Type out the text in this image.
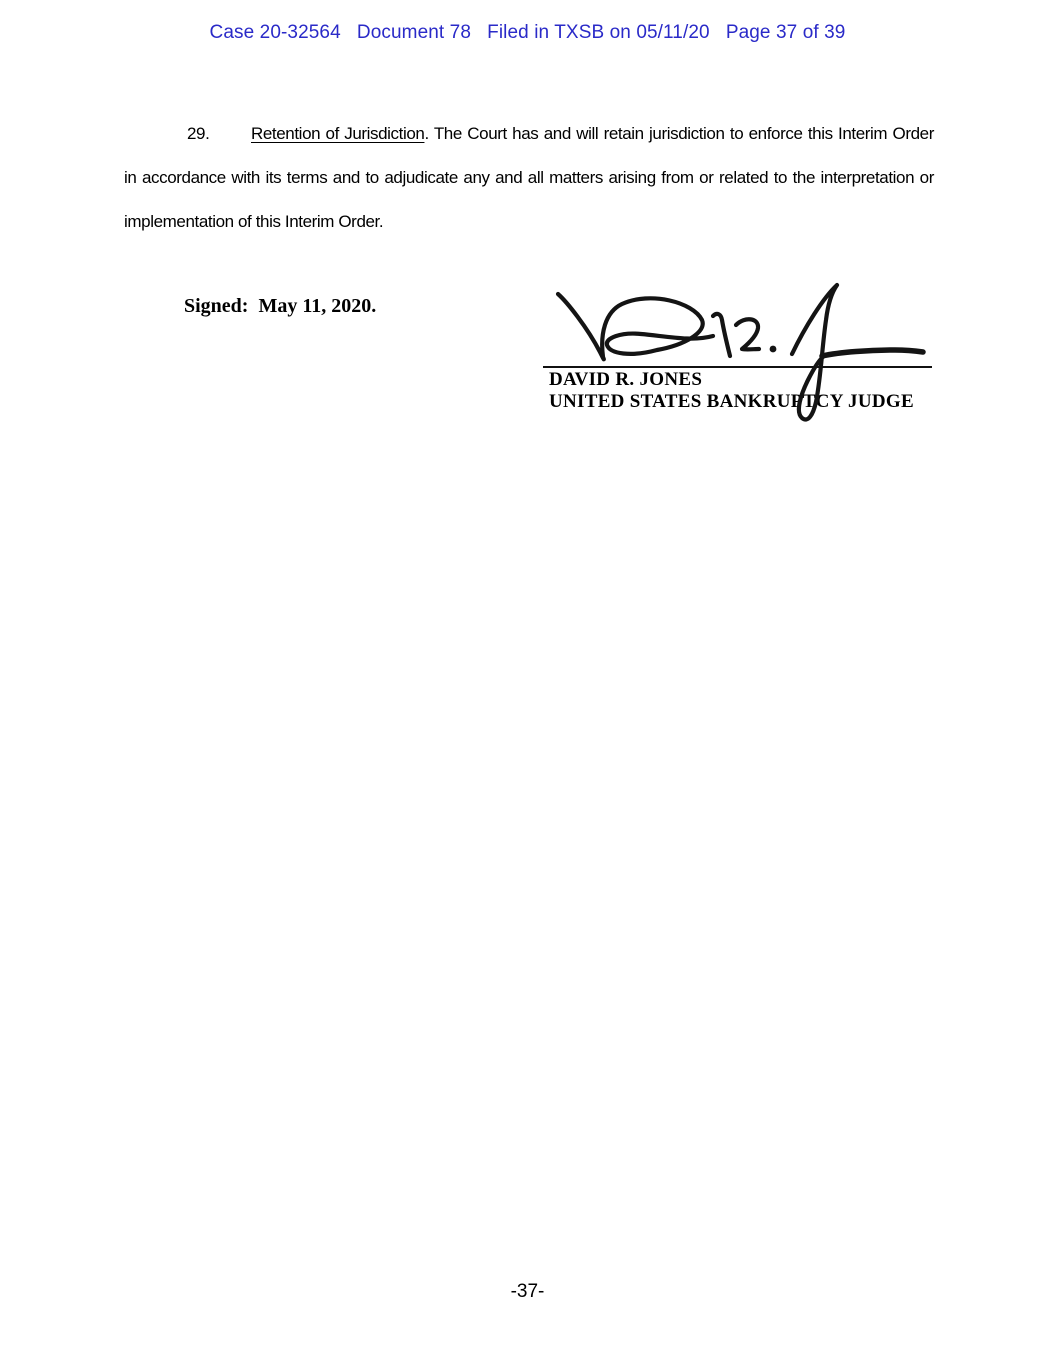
Case 20-32564   Document 78   Filed in TXSB on 05/11/20   Page 37 of 39

29. Retention of Jurisdiction. The Court has and will retain jurisdiction to enforce this Interim Order in accordance with its terms and to adjudicate any and all matters arising from or related to the interpretation or implementation of this Interim Order.

Signed:  May 11, 2020.
DAVID R. JONES
UNITED STATES BANKRUPTCY JUDGE
-37-
